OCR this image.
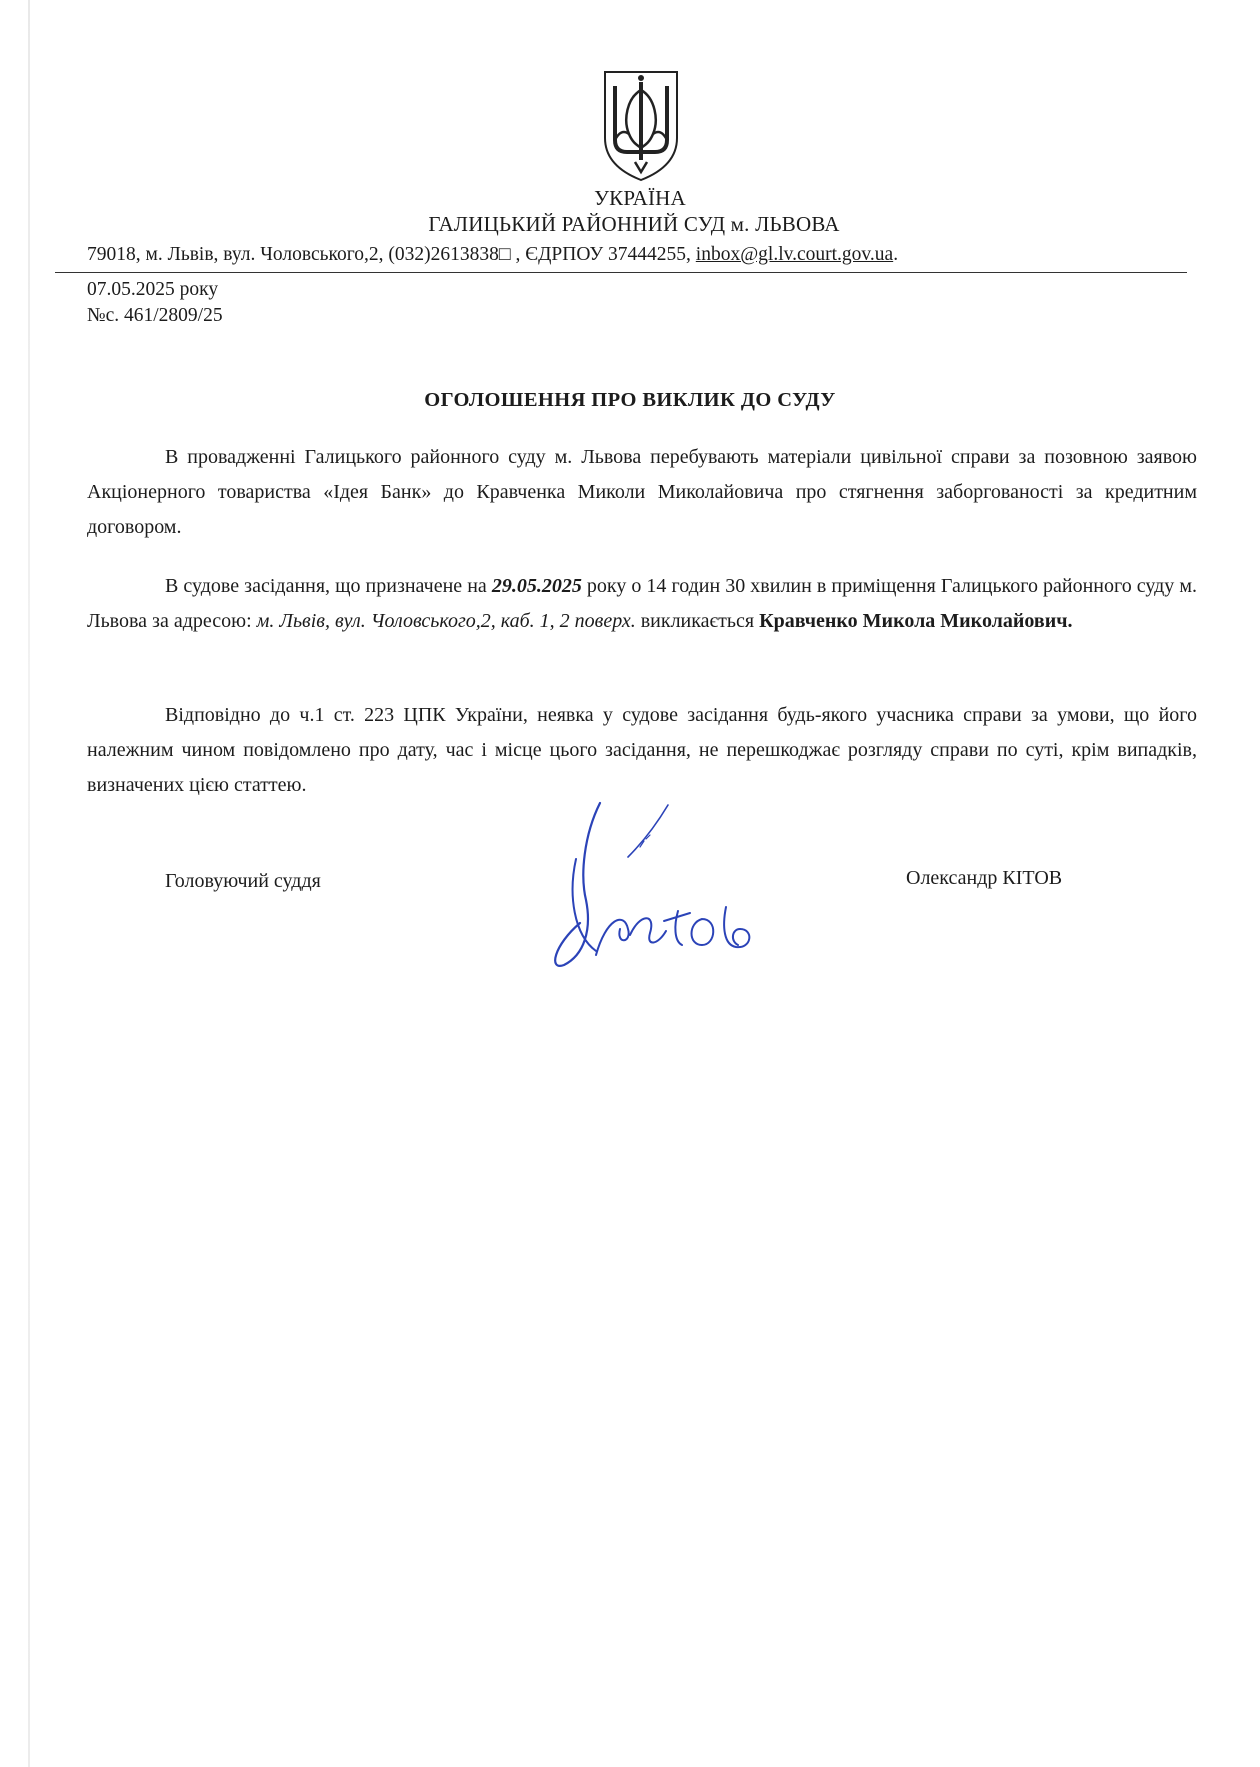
УКРАЇНА
ГАЛИЦЬКИЙ РАЙОННИЙ СУД м. ЛЬВОВА
79018, м. Львів, вул. Чоловського,2, (032)2613838□ , ЄДРПОУ 37444255, inbox@gl.lv.court.gov.ua.
07.05.2025 року
№с. 461/2809/25
ОГОЛОШЕННЯ ПРО ВИКЛИК ДО СУДУ
В провадженні Галицького районного суду м. Львова перебувають матеріали цивільної справи за позовною заявою Акціонерного товариства «Ідея Банк» до Кравченка Миколи Миколайовича про стягнення заборгованості за кредитним договором.
В судове засідання, що призначене на 29.05.2025 року о 14 годин 30 хвилин в приміщення Галицького районного суду м. Львова за адресою: м. Львів, вул. Чоловського,2, каб. 1, 2 поверх. викликається Кравченко Микола Миколайович.
Відповідно до ч.1 ст. 223 ЦПК України, неявка у судове засідання будь-якого учасника справи за умови, що його належним чином повідомлено про дату, час і місце цього засідання, не перешкоджає розгляду справи по суті, крім випадків, визначених цією статтею.
Головуючий суддя	Олександр КІТОВ
